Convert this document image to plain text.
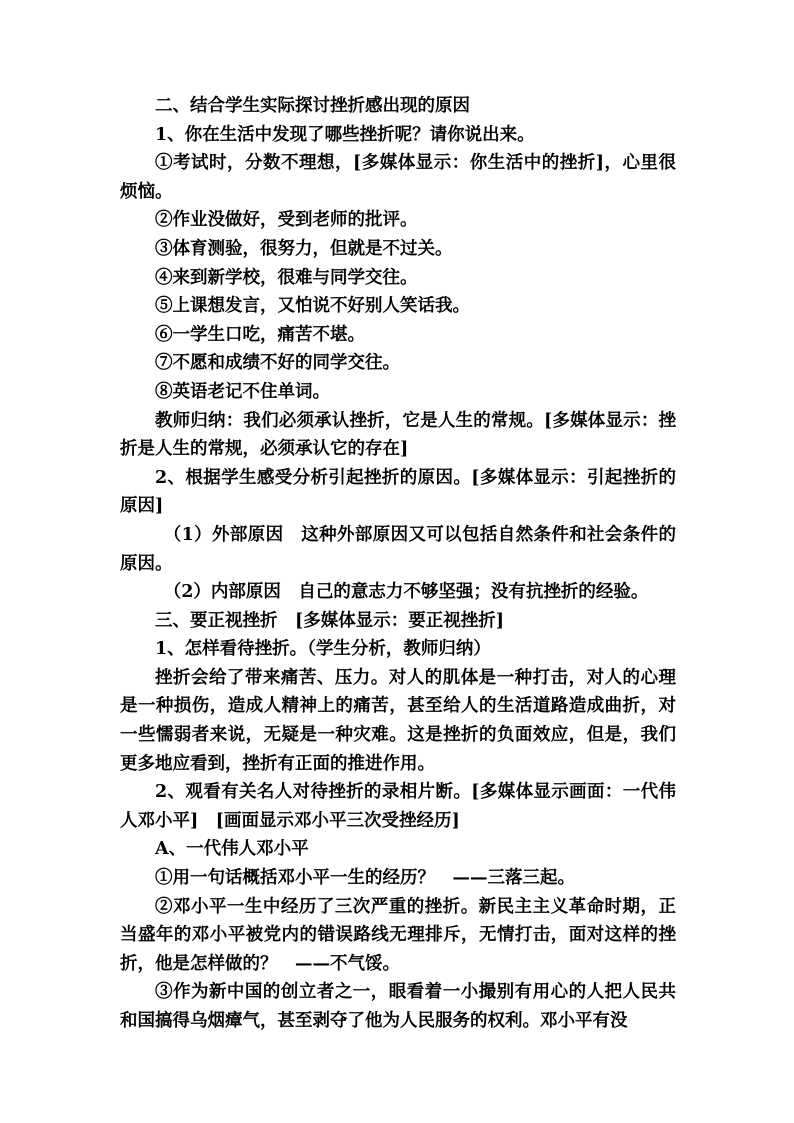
二、结合学生实际探讨挫折感出现的原因

1、你在生活中发现了哪些挫折呢？请你说出来。

①考试时，分数不理想，[多媒体显示：你生活中的挫折]，心里很烦恼。

②作业没做好，受到老师的批评。

③体育测验，很努力，但就是不过关。

④来到新学校，很难与同学交往。

⑤上课想发言，又怕说不好别人笑话我。

⑥一学生口吃，痛苦不堪。

⑦不愿和成绩不好的同学交往。

⑧英语老记不住单词。

教师归纳：我们必须承认挫折，它是人生的常规。[多媒体显示：挫折是人生的常规，必须承认它的存在]

2、根据学生感受分析引起挫折的原因。[多媒体显示：引起挫折的原因]

（1）外部原因　这种外部原因又可以包括自然条件和社会条件的原因。

（2）内部原因　自己的意志力不够坚强；没有抗挫折的经验。

三、要正视挫折　[多媒体显示：要正视挫折]

1、怎样看待挫折。（学生分析，教师归纳）

挫折会给了带来痛苦、压力。对人的肌体是一种打击，对人的心理是一种损伤，造成人精神上的痛苦，甚至给人的生活道路造成曲折，对一些懦弱者来说，无疑是一种灾难。这是挫折的负面效应，但是，我们更多地应看到，挫折有正面的推进作用。

2、观看有关名人对待挫折的录相片断。[多媒体显示画面：一代伟人邓小平]　[画面显示邓小平三次受挫经历]

A、一代伟人邓小平

①用一句话概括邓小平一生的经历？　——三落三起。

②邓小平一生中经历了三次严重的挫折。新民主主义革命时期，正当盛年的邓小平被党内的错误路线无理排斥，无情打击，面对这样的挫折，他是怎样做的？　——不气馁。

③作为新中国的创立者之一，眼看着一小撮别有用心的人把人民共和国搞得乌烟瘴气，甚至剥夺了他为人民服务的权利。邓小平有没
